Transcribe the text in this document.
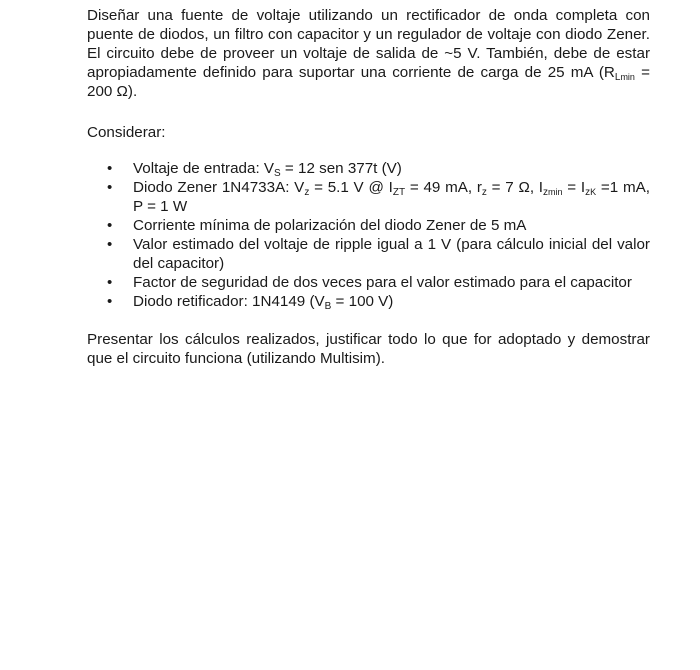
Diseñar una fuente de voltaje utilizando un rectificador de onda completa con puente de diodos, un filtro con capacitor y un regulador de voltaje con diodo Zener. El circuito debe de proveer un voltaje de salida de ~5 V. También, debe de estar apropiadamente definido para suportar una corriente de carga de 25 mA ($R_{Lmin} = 200$ Ω).

Considerar:

• Voltaje de entrada: $V_S = 12$ sen 377t (V)
• Diodo Zener 1N4733A: $V_z = 5.1$ V @ $I_{ZT} = 49$ mA, $r_z = 7$ Ω, $I_{zmin} = I_{zK} =1$ mA, P = 1 W
• Corriente mínima de polarización del diodo Zener de 5 mA
• Valor estimado del voltaje de ripple igual a 1 V (para cálculo inicial del valor del capacitor)
• Factor de seguridad de dos veces para el valor estimado para el capacitor
• Diodo retificador: 1N4149 ($V_B = 100$ V)

Presentar los cálculos realizados, justificar todo lo que for adoptado y demostrar que el circuito funciona (utilizando Multisim).
